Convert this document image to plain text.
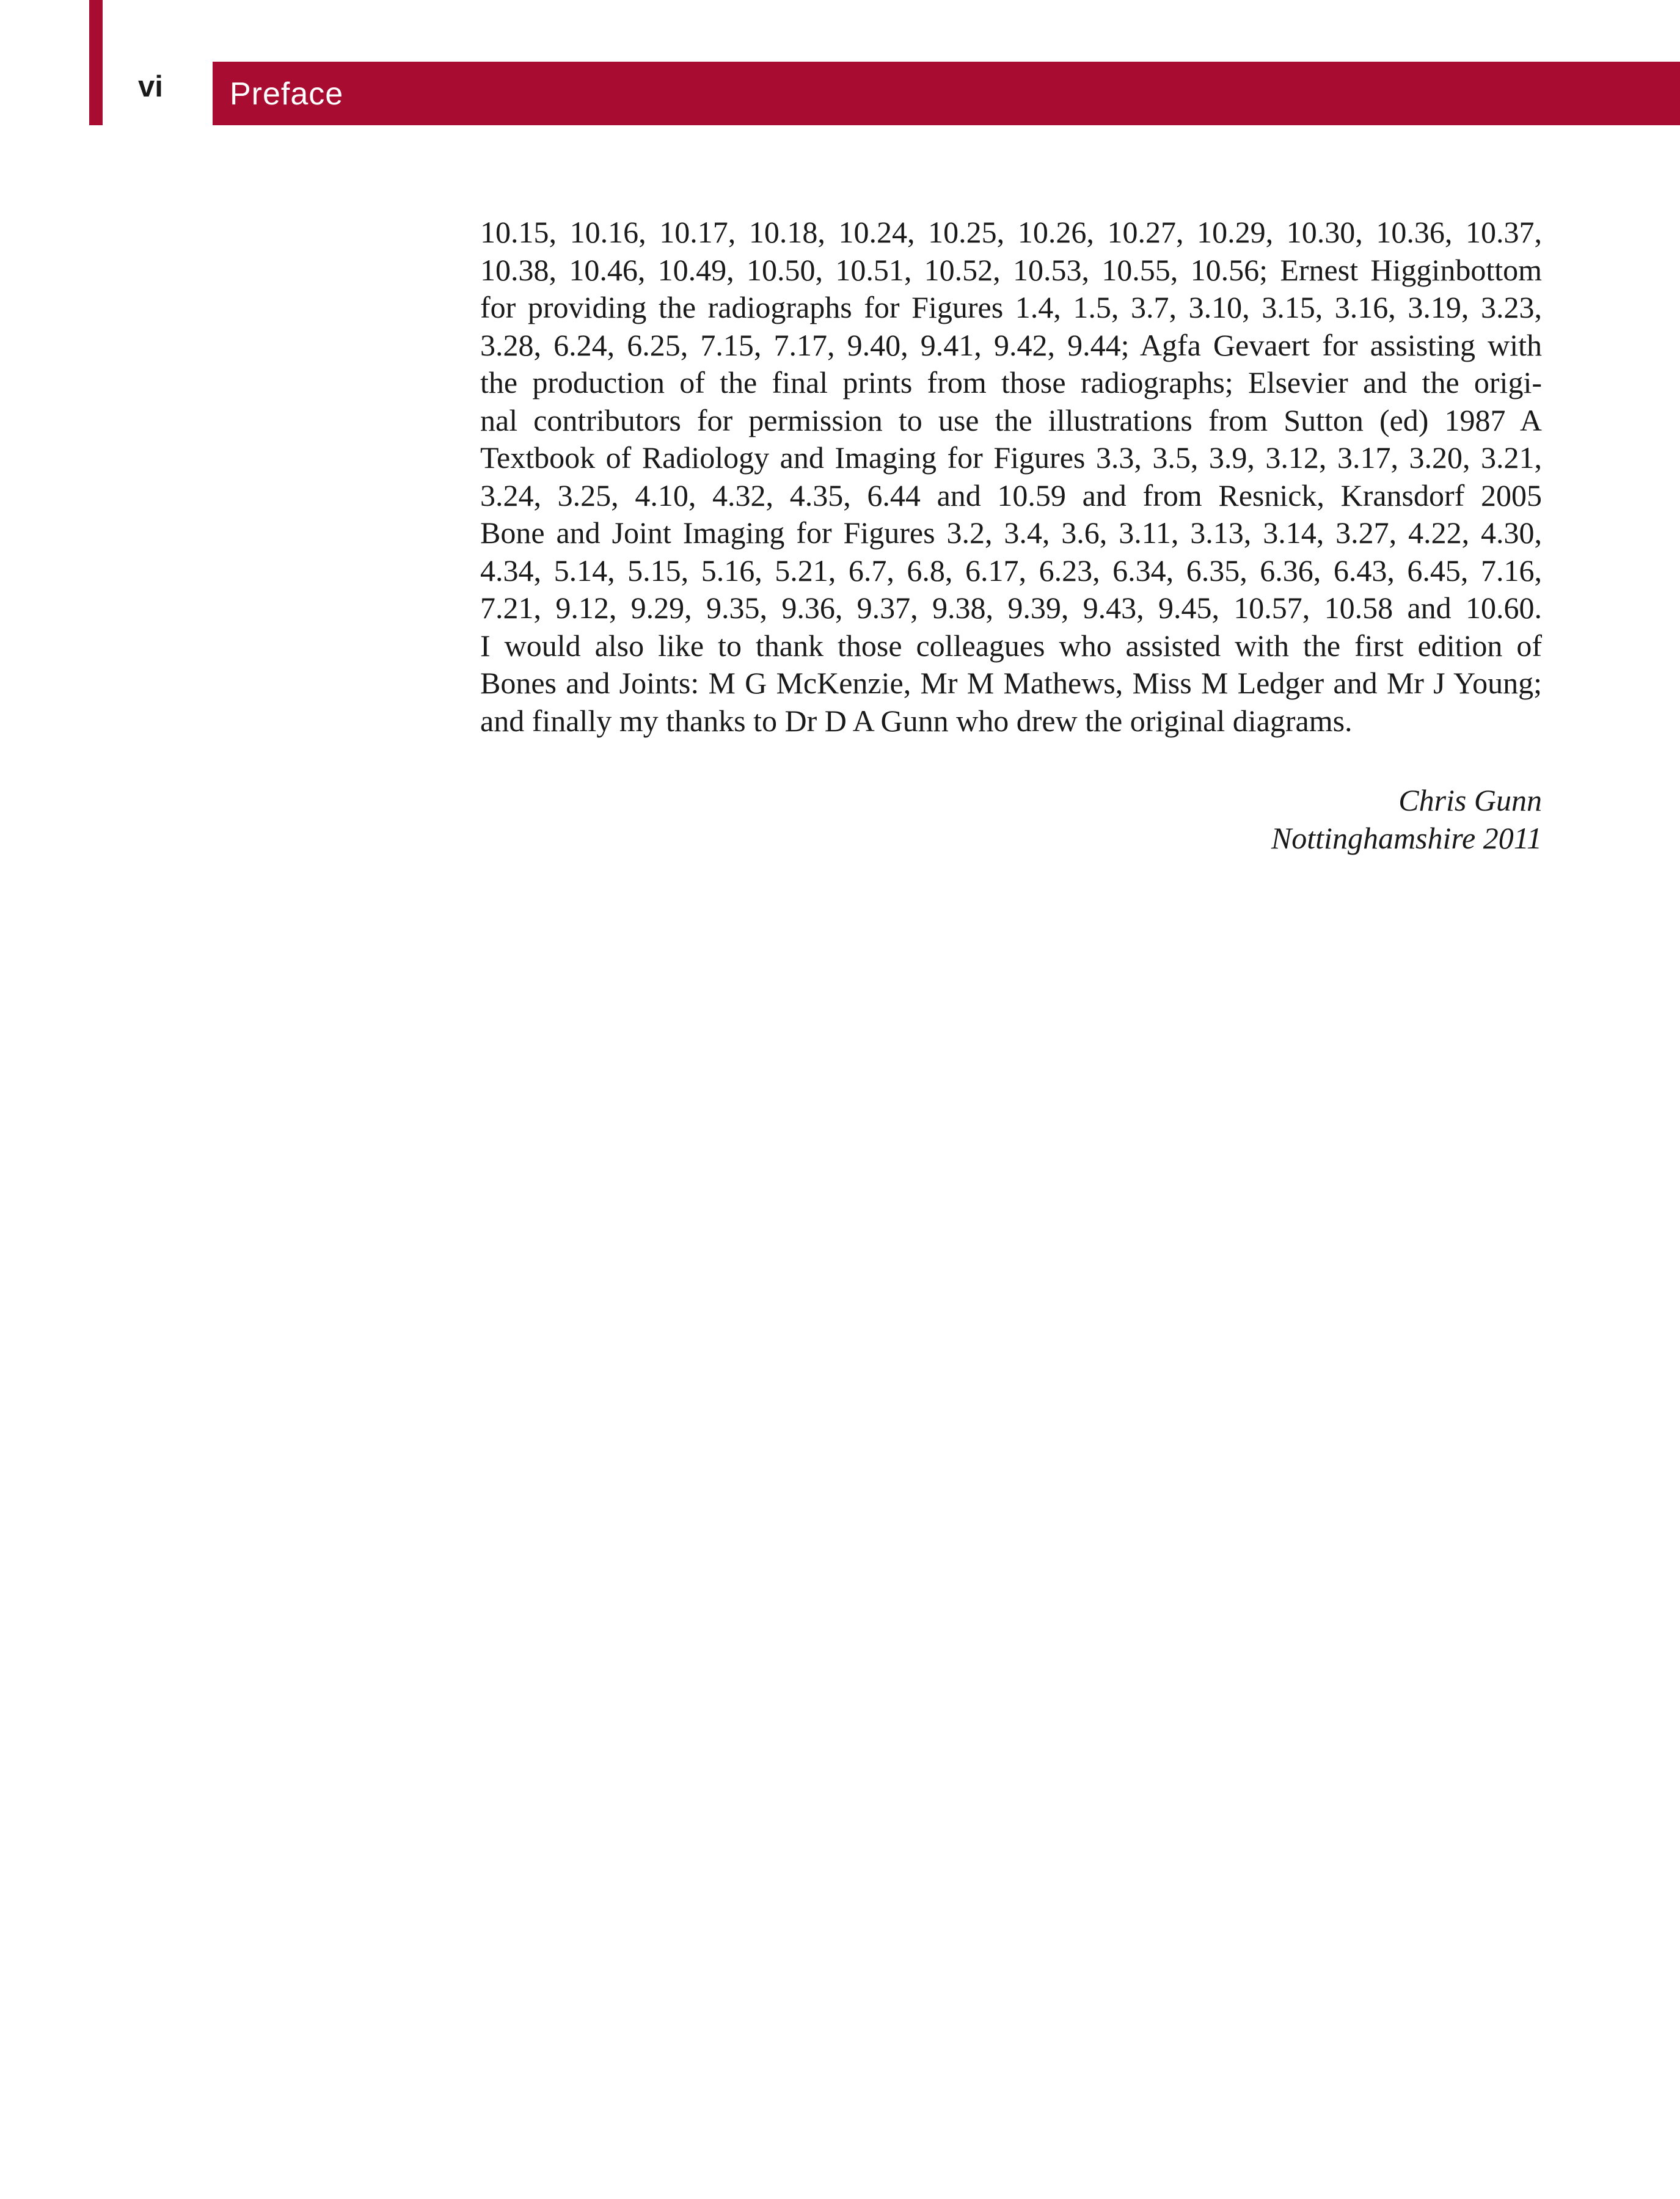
vi Preface
10.15, 10.16, 10.17, 10.18, 10.24, 10.25, 10.26, 10.27, 10.29, 10.30, 10.36, 10.37,
10.38, 10.46, 10.49, 10.50, 10.51, 10.52, 10.53, 10.55, 10.56; Ernest Higginbottom
for providing the radiographs for Figures 1.4, 1.5, 3.7, 3.10, 3.15, 3.16, 3.19, 3.23,
3.28, 6.24, 6.25, 7.15, 7.17, 9.40, 9.41, 9.42, 9.44; Agfa Gevaert for assisting with
the production of the final prints from those radiographs; Elsevier and the origi-
nal contributors for permission to use the illustrations from Sutton (ed) 1987 A
Textbook of Radiology and Imaging for Figures 3.3, 3.5, 3.9, 3.12, 3.17, 3.20, 3.21,
3.24, 3.25, 4.10, 4.32, 4.35, 6.44 and 10.59 and from Resnick, Kransdorf 2005
Bone and Joint Imaging for Figures 3.2, 3.4, 3.6, 3.11, 3.13, 3.14, 3.27, 4.22, 4.30,
4.34, 5.14, 5.15, 5.16, 5.21, 6.7, 6.8, 6.17, 6.23, 6.34, 6.35, 6.36, 6.43, 6.45, 7.16,
7.21, 9.12, 9.29, 9.35, 9.36, 9.37, 9.38, 9.39, 9.43, 9.45, 10.57, 10.58 and 10.60.
I would also like to thank those colleagues who assisted with the first edition of
Bones and Joints: M G McKenzie, Mr M Mathews, Miss M Ledger and Mr J Young;
and finally my thanks to Dr D A Gunn who drew the original diagrams.
Chris Gunn
Nottinghamshire 2011
